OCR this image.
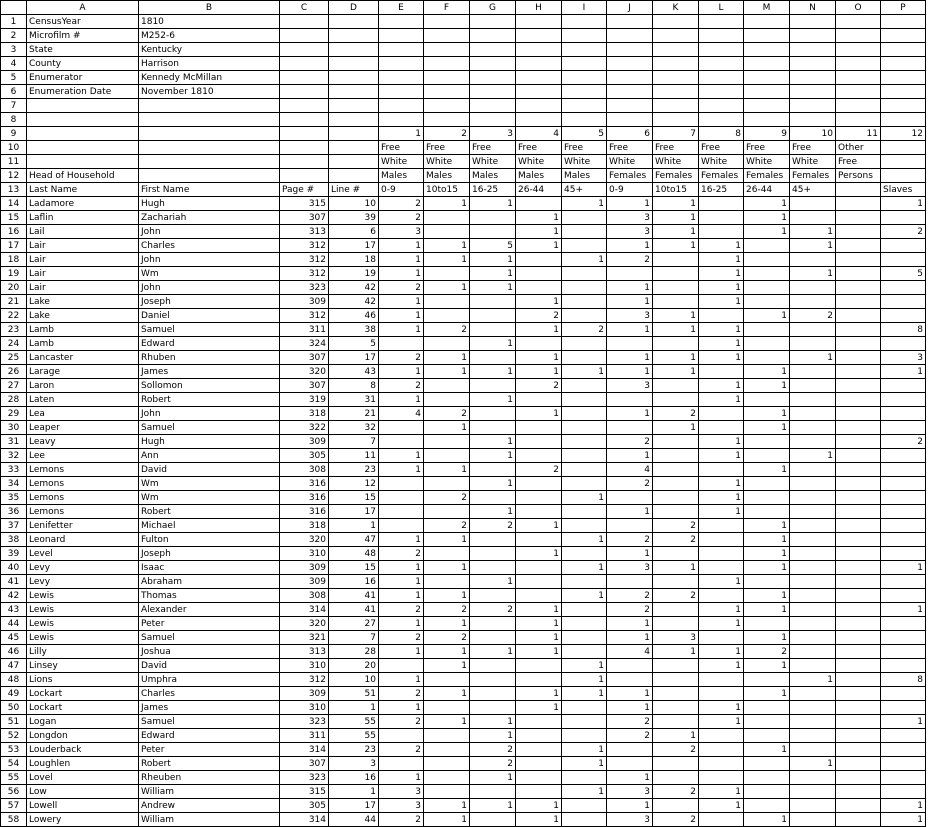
	A	B	C	D	E	F	G	H	I	J	K	L	M	N	O	P
1	CensusYear	1810														
2	Microfilm #	M252-6														
3	State	Kentucky														
4	County	Harrison														
5	Enumerator	Kennedy McMillan														
6	Enumeration Date	November 1810														
7																
8																
9					1	2	3	4	5	6	7	8	9	10	11	12
10					Free	Free	Free	Free	Free	Free	Free	Free	Free	Free	Other	
11					White	White	White	White	White	White	White	White	White	White	Free	
12	Head of Household				Males	Males	Males	Males	Males	Females	Females	Females	Females	Females	Persons	
13	Last Name	First Name	Page #	Line #	0-9	10to15	16-25	26-44	45+	0-9	10to15	16-25	26-44	45+		Slaves
14	Ladamore	Hugh	315	10	2	1	1		1	1	1		1			1
15	Laflin	Zachariah	307	39	2			1		3	1		1			
16	Lail	John	313	6	3			1		3	1		1	1		2
17	Lair	Charles	312	17	1	1	5	1		1	1	1		1		
18	Lair	John	312	18	1	1	1		1	2		1				
19	Lair	Wm	312	19	1		1					1		1		5
20	Lair	John	323	42	2	1	1			1		1				
21	Lake	Joseph	309	42	1			1		1		1				
22	Lake	Daniel	312	46	1			2		3	1		1	2		
23	Lamb	Samuel	311	38	1	2		1	2	1	1	1				8
24	Lamb	Edward	324	5			1					1				
25	Lancaster	Rhuben	307	17	2	1		1		1	1	1		1		3
26	Larage	James	320	43	1	1	1	1	1	1	1		1			1
27	Laron	Sollomon	307	8	2			2		3		1	1			
28	Laten	Robert	319	31	1		1					1				
29	Lea	John	318	21	4	2		1		1	2		1			
30	Leaper	Samuel	322	32		1					1		1			
31	Leavy	Hugh	309	7			1			2		1				2
32	Lee	Ann	305	11	1		1			1		1		1		
33	Lemons	David	308	23	1	1		2		4			1			
34	Lemons	Wm	316	12			1			2		1				
35	Lemons	Wm	316	15		2			1			1				
36	Lemons	Robert	316	17			1			1		1				
37	Lenifetter	Michael	318	1		2	2	1			2		1			
38	Leonard	Fulton	320	47	1	1			1	2	2		1			
39	Level	Joseph	310	48	2			1		1			1			
40	Levy	Isaac	309	15	1	1			1	3	1		1			1
41	Levy	Abraham	309	16	1		1					1				
42	Lewis	Thomas	308	41	1	1			1	2	2		1			
43	Lewis	Alexander	314	41	2	2	2	1		2		1	1			1
44	Lewis	Peter	320	27	1	1		1		1		1				
45	Lewis	Samuel	321	7	2	2		1		1	3		1			
46	Lilly	Joshua	313	28	1	1	1	1		4	1	1	2			
47	Linsey	David	310	20		1			1			1	1			
48	Lions	Umphra	312	10	1				1					1		8
49	Lockart	Charles	309	51	2	1		1	1	1			1			
50	Lockart	James	310	1	1			1		1		1				
51	Logan	Samuel	323	55	2	1	1			2		1				1
52	Longdon	Edward	311	55			1			2	1					
53	Louderback	Peter	314	23	2		2		1		2		1			
54	Loughlen	Robert	307	3			2		1					1		
55	Lovel	Rheuben	323	16	1		1			1						
56	Low	William	315	1	3				1	3	2	1				
57	Lowell	Andrew	305	17	3	1	1	1		1		1				1
58	Lowery	William	314	44	2	1		1		3	2		1			1
